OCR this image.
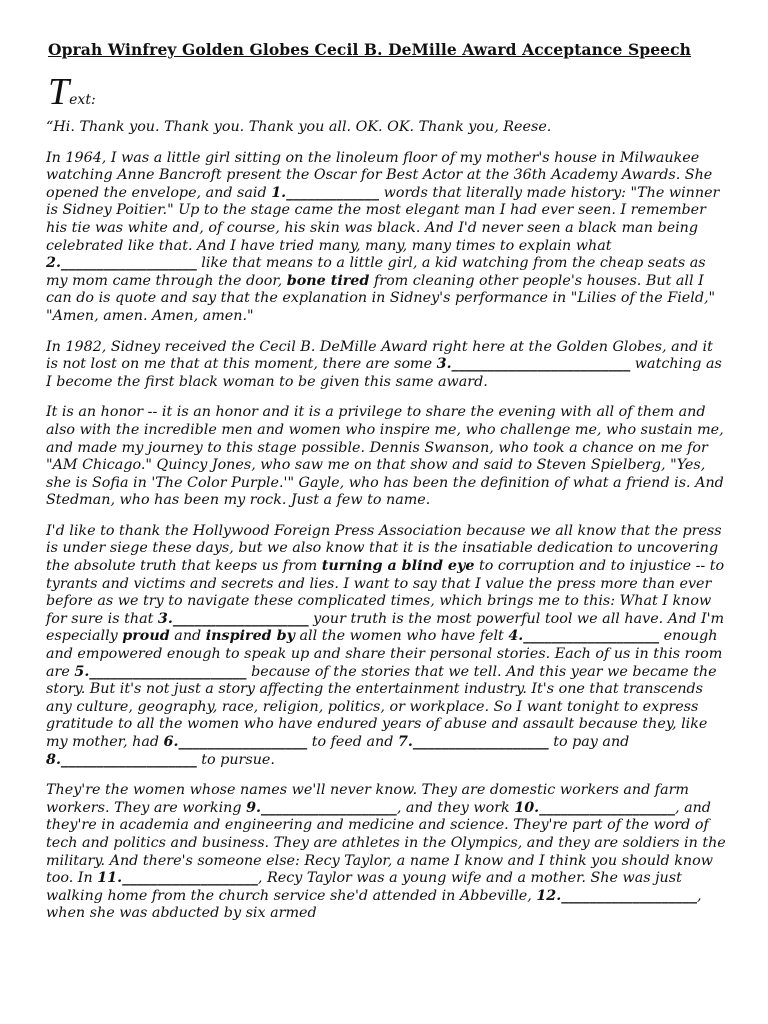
Oprah Winfrey Golden Globes Cecil B. DeMille Award Acceptance Speech
Text:

“Hi. Thank you. Thank you. Thank you all. OK. OK. Thank you, Reese.

In 1964, I was a little girl sitting on the linoleum floor of my mother's house in Milwaukee watching Anne Bancroft present the Oscar for Best Actor at the 36th Academy Awards. She opened the envelope, and said 1._____________ words that literally made history: "The winner is Sidney Poitier." Up to the stage came the most elegant man I had ever seen. I remember his tie was white and, of course, his skin was black. And I'd never seen a black man being celebrated like that. And I have tried many, many, many times to explain what 2.___________________ like that means to a little girl, a kid watching from the cheap seats as my mom came through the door, bone tired from cleaning other people's houses. But all I can do is quote and say that the explanation in Sidney's performance in "Lilies of the Field," "Amen, amen. Amen, amen."

In 1982, Sidney received the Cecil B. DeMille Award right here at the Golden Globes, and it is not lost on me that at this moment, there are some 3._________________________ watching as I become the first black woman to be given this same award.

It is an honor -- it is an honor and it is a privilege to share the evening with all of them and also with the incredible men and women who inspire me, who challenge me, who sustain me, and made my journey to this stage possible. Dennis Swanson, who took a chance on me for "AM Chicago." Quincy Jones, who saw me on that show and said to Steven Spielberg, "Yes, she is Sofia in 'The Color Purple.'" Gayle, who has been the definition of what a friend is. And Stedman, who has been my rock. Just a few to name.

I'd like to thank the Hollywood Foreign Press Association because we all know that the press is under siege these days, but we also know that it is the insatiable dedication to uncovering the absolute truth that keeps us from turning a blind eye to corruption and to injustice -- to tyrants and victims and secrets and lies. I want to say that I value the press more than ever before as we try to navigate these complicated times, which brings me to this: What I know for sure is that 3.___________________ your truth is the most powerful tool we all have. And I'm especially proud and inspired by all the women who have felt 4.___________________ enough and empowered enough to speak up and share their personal stories. Each of us in this room are 5.______________________ because of the stories that we tell. And this year we became the story. But it's not just a story affecting the entertainment industry. It's one that transcends any culture, geography, race, religion, politics, or workplace. So I want tonight to express gratitude to all the women who have endured years of abuse and assault because they, like my mother, had 6.__________________ to feed and 7.___________________ to pay and 8.___________________ to pursue.

They're the women whose names we'll never know. They are domestic workers and farm workers. They are working 9.___________________, and they work 10.___________________, and they're in academia and engineering and medicine and science. They're part of the word of tech and politics and business. They are athletes in the Olympics, and they are soldiers in the military. And there's someone else: Recy Taylor, a name I know and I think you should know too. In 11.___________________, Recy Taylor was a young wife and a mother. She was just walking home from the church service she'd attended in Abbeville, 12.___________________, when she was abducted by six armed
